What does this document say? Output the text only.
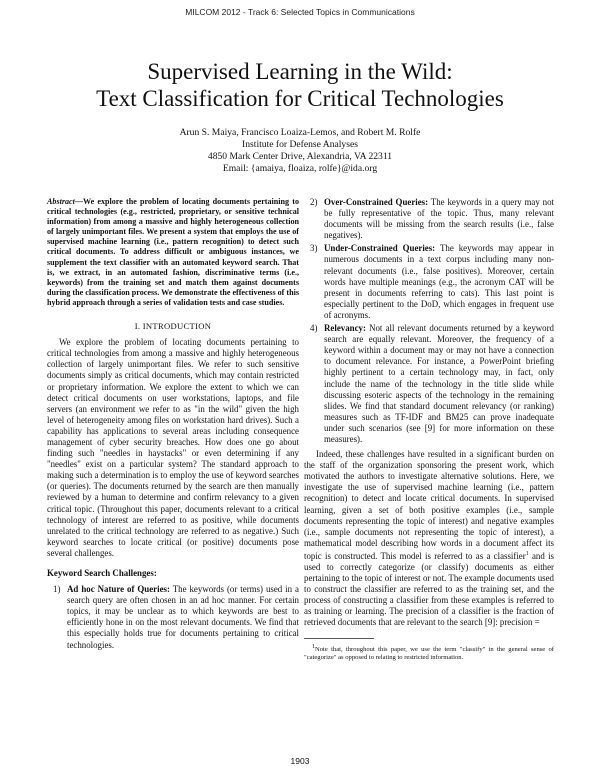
MILCOM 2012 - Track 6: Selected Topics in Communications
Supervised Learning in the Wild:
Text Classification for Critical Technologies
Arun S. Maiya, Francisco Loaiza-Lemos, and Robert M. Rolfe
Institute for Defense Analyses
4850 Mark Center Drive, Alexandria, VA 22311
Email: {amaiya, floaiza, rolfe}@ida.org

Abstract—We explore the problem of locating documents pertaining to critical technologies (e.g., restricted, proprietary, or sensitive technical information) from among a massive and highly heterogeneous collection of largely unimportant files. We present a system that employs the use of supervised machine learning (i.e., pattern recognition) to detect such critical documents. To address difficult or ambiguous instances, we supplement the text classifier with an automated keyword search. That is, we extract, in an automated fashion, discriminative terms (i.e., keywords) from the training set and match them against documents during the classification process. We demonstrate the effectiveness of this hybrid approach through a series of validation tests and case studies.

I. INTRODUCTION

We explore the problem of locating documents pertaining to critical technologies from among a massive and highly heterogeneous collection of largely unimportant files. We refer to such sensitive documents simply as critical documents, which may contain restricted or proprietary information. We explore the extent to which we can detect critical documents on user workstations, laptops, and file servers (an environment we refer to as "in the wild" given the high level of heterogeneity among files on workstation hard drives). Such a capability has applications to several areas including consequence management of cyber security breaches. How does one go about finding such "needles in haystacks" or even determining if any "needles" exist on a particular system? The standard approach to making such a determination is to employ the use of keyword searches (or queries). The documents returned by the search are then manually reviewed by a human to determine and confirm relevancy to a given critical topic. (Throughout this paper, documents relevant to a critical technology of interest are referred to as positive, while documents unrelated to the critical technology are referred to as negative.) Such keyword searches to locate critical (or positive) documents pose several challenges.

Keyword Search Challenges:
1) Ad hoc Nature of Queries: The keywords (or terms) used in a search query are often chosen in an ad hoc manner. For certain topics, it may be unclear as to which keywords are best to efficiently hone in on the most relevant documents. We find that this especially holds true for documents pertaining to critical technologies.
2) Over-Constrained Queries: The keywords in a query may not be fully representative of the topic. Thus, many relevant documents will be missing from the search results (i.e., false negatives).
3) Under-Constrained Queries: The keywords may appear in numerous documents in a text corpus including many non-relevant documents (i.e., false positives). Moreover, certain words have multiple meanings (e.g., the acronym CAT will be present in documents referring to cats). This last point is especially pertinent to the DoD, which engages in frequent use of acronyms.
4) Relevancy: Not all relevant documents returned by a keyword search are equally relevant. Moreover, the frequency of a keyword within a document may or may not have a connection to document relevance. For instance, a PowerPoint briefing highly pertinent to a certain technology may, in fact, only include the name of the technology in the title slide while discussing esoteric aspects of the technology in the remaining slides. We find that standard document relevancy (or ranking) measures such as TF-IDF and BM25 can prove inadequate under such scenarios (see [9] for more information on these measures).

Indeed, these challenges have resulted in a significant burden on the staff of the organization sponsoring the present work, which motivated the authors to investigate alternative solutions. Here, we investigate the use of supervised machine learning (i.e., pattern recognition) to detect and locate critical documents. In supervised learning, given a set of both positive examples (i.e., sample documents representing the topic of interest) and negative examples (i.e., sample documents not representing the topic of interest), a mathematical model describing how words in a document affect its topic is constructed. This model is referred to as a classifier$^1$ and is used to correctly categorize (or classify) documents as either pertaining to the topic of interest or not. The example documents used to construct the classifier are referred to as the training set, and the process of constructing a classifier from these examples is referred to as training or learning. The precision of a classifier is the fraction of retrieved documents that are relevant to the search [9]: precision =

$^1$Note that, throughout this paper, we use the term "classify" in the general sense of "categorize" as opposed to relating to restricted information.

1903
